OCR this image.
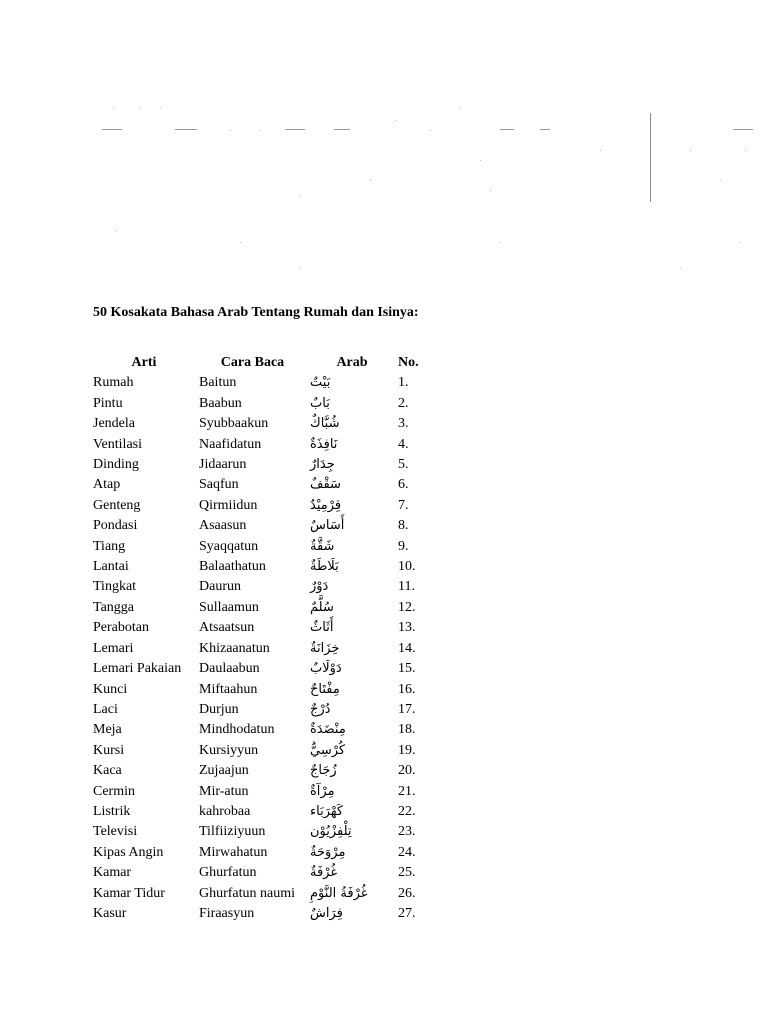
50 Kosakata Bahasa Arab Tentang Rumah dan Isinya:
Arti	Cara Baca	Arab	No.
Rumah	Baitun	بَيْتٌ	1.
Pintu	Baabun	بَابٌ	2.
Jendela	Syubbaakun	شُبَّاكٌ	3.
Ventilasi	Naafidatun	نَافِذَةٌ	4.
Dinding	Jidaarun	جِدَارٌ	5.
Atap	Saqfun	سَقْفٌ	6.
Genteng	Qirmiidun	قِرْمِيْدٌ	7.
Pondasi	Asaasun	أَسَاسٌ	8.
Tiang	Syaqqatun	شَقَّةٌ	9.
Lantai	Balaathatun	بَلَاطَةٌ	10.
Tingkat	Daurun	دَوْرٌ	11.
Tangga	Sullaamun	سُلَّمٌ	12.
Perabotan	Atsaatsun	أَثَاثٌ	13.
Lemari	Khizaanatun	خِزَانَةٌ	14.
Lemari Pakaian	Daulaabun	دَوْلَابٌ	15.
Kunci	Miftaahun	مِفْتَاحٌ	16.
Laci	Durjun	دُرْجٌ	17.
Meja	Mindhodatun	مِنْضَدَةٌ	18.
Kursi	Kursiyyun	كُرْسِيٌّ	19.
Kaca	Zujaajun	زُجَاجٌ	20.
Cermin	Mir-atun	مِرْآةٌ	21.
Listrik	kahrobaa	كَهْرَبَاء	22.
Televisi	Tilfiiziyuun	تِلْفِزْيُوْن	23.
Kipas Angin	Mirwahatun	مِرْوَحَةٌ	24.
Kamar	Ghurfatun	غُرْفَةٌ	25.
Kamar Tidur	Ghurfatun naumi	غُرْفَةُ النَّوْمِ	26.
Kasur	Firaasyun	فِرَاشٌ	27.
